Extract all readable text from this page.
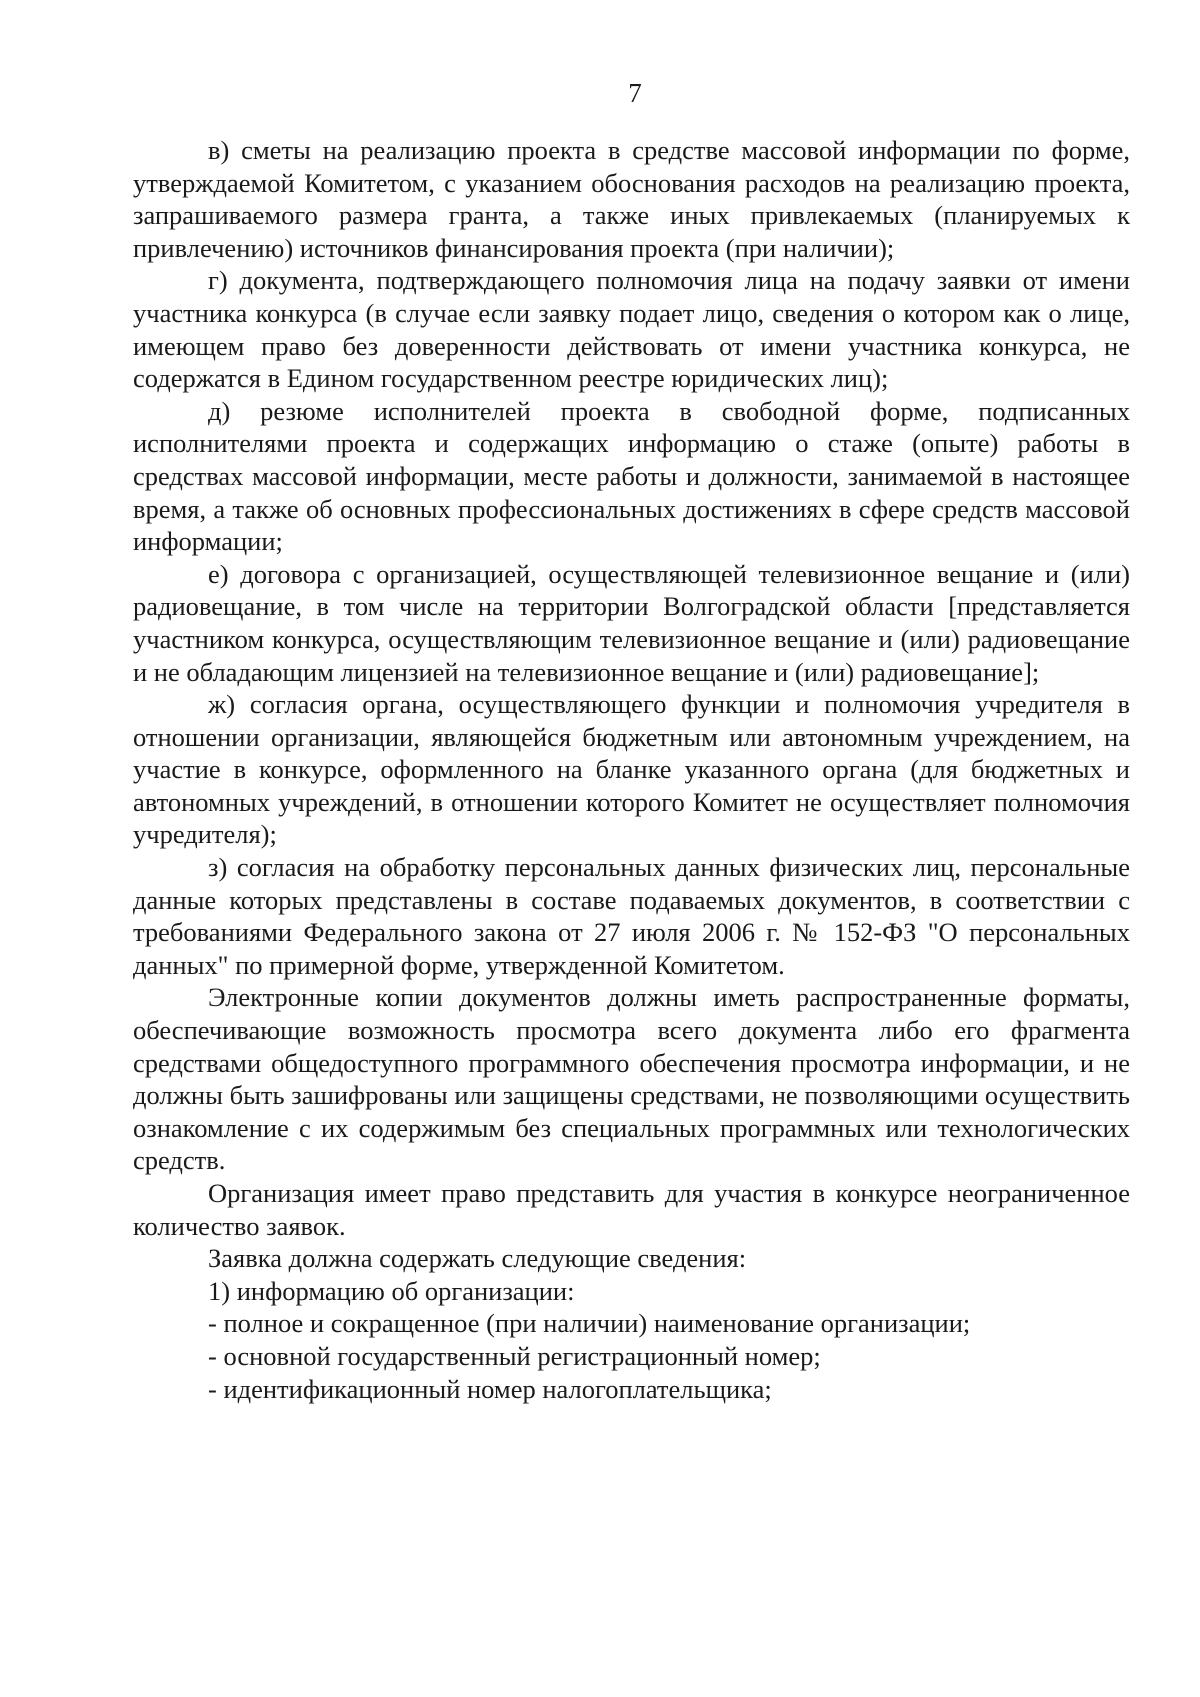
7

в) сметы на реализацию проекта в средстве массовой информации по форме, утверждаемой Комитетом, с указанием обоснования расходов на реализацию проекта, запрашиваемого размера гранта, а также иных привлекаемых (планируемых к привлечению) источников финансирования проекта (при наличии);

г) документа, подтверждающего полномочия лица на подачу заявки от имени участника конкурса (в случае если заявку подает лицо, сведения о котором как о лице, имеющем право без доверенности действовать от имени участника конкурса, не содержатся в Едином государственном реестре юридических лиц);

д) резюме исполнителей проекта в свободной форме, подписанных исполнителями проекта и содержащих информацию о стаже (опыте) работы в средствах массовой информации, месте работы и должности, занимаемой в настоящее время, а также об основных профессиональных достижениях в сфере средств массовой информации;

е) договора с организацией, осуществляющей телевизионное вещание и (или) радиовещание, в том числе на территории Волгоградской области [представляется участником конкурса, осуществляющим телевизионное вещание и (или) радиовещание и не обладающим лицензией на телевизионное вещание и (или) радиовещание];

ж) согласия органа, осуществляющего функции и полномочия учредителя в отношении организации, являющейся бюджетным или автономным учреждением, на участие в конкурсе, оформленного на бланке указанного органа (для бюджетных и автономных учреждений, в отношении которого Комитет не осуществляет полномочия учредителя);

з) согласия на обработку персональных данных физических лиц, персональные данные которых представлены в составе подаваемых документов, в соответствии с требованиями Федерального закона от 27 июля 2006 г. № 152-ФЗ "О персональных данных" по примерной форме, утвержденной Комитетом.

Электронные копии документов должны иметь распространенные форматы, обеспечивающие возможность просмотра всего документа либо его фрагмента средствами общедоступного программного обеспечения просмотра информации, и не должны быть зашифрованы или защищены средствами, не позволяющими осуществить ознакомление с их содержимым без специальных программных или технологических средств.

Организация имеет право представить для участия в конкурсе неограниченное количество заявок.

Заявка должна содержать следующие сведения:

1) информацию об организации:

- полное и сокращенное (при наличии) наименование организации;

- основной государственный регистрационный номер;

- идентификационный номер налогоплательщика;
